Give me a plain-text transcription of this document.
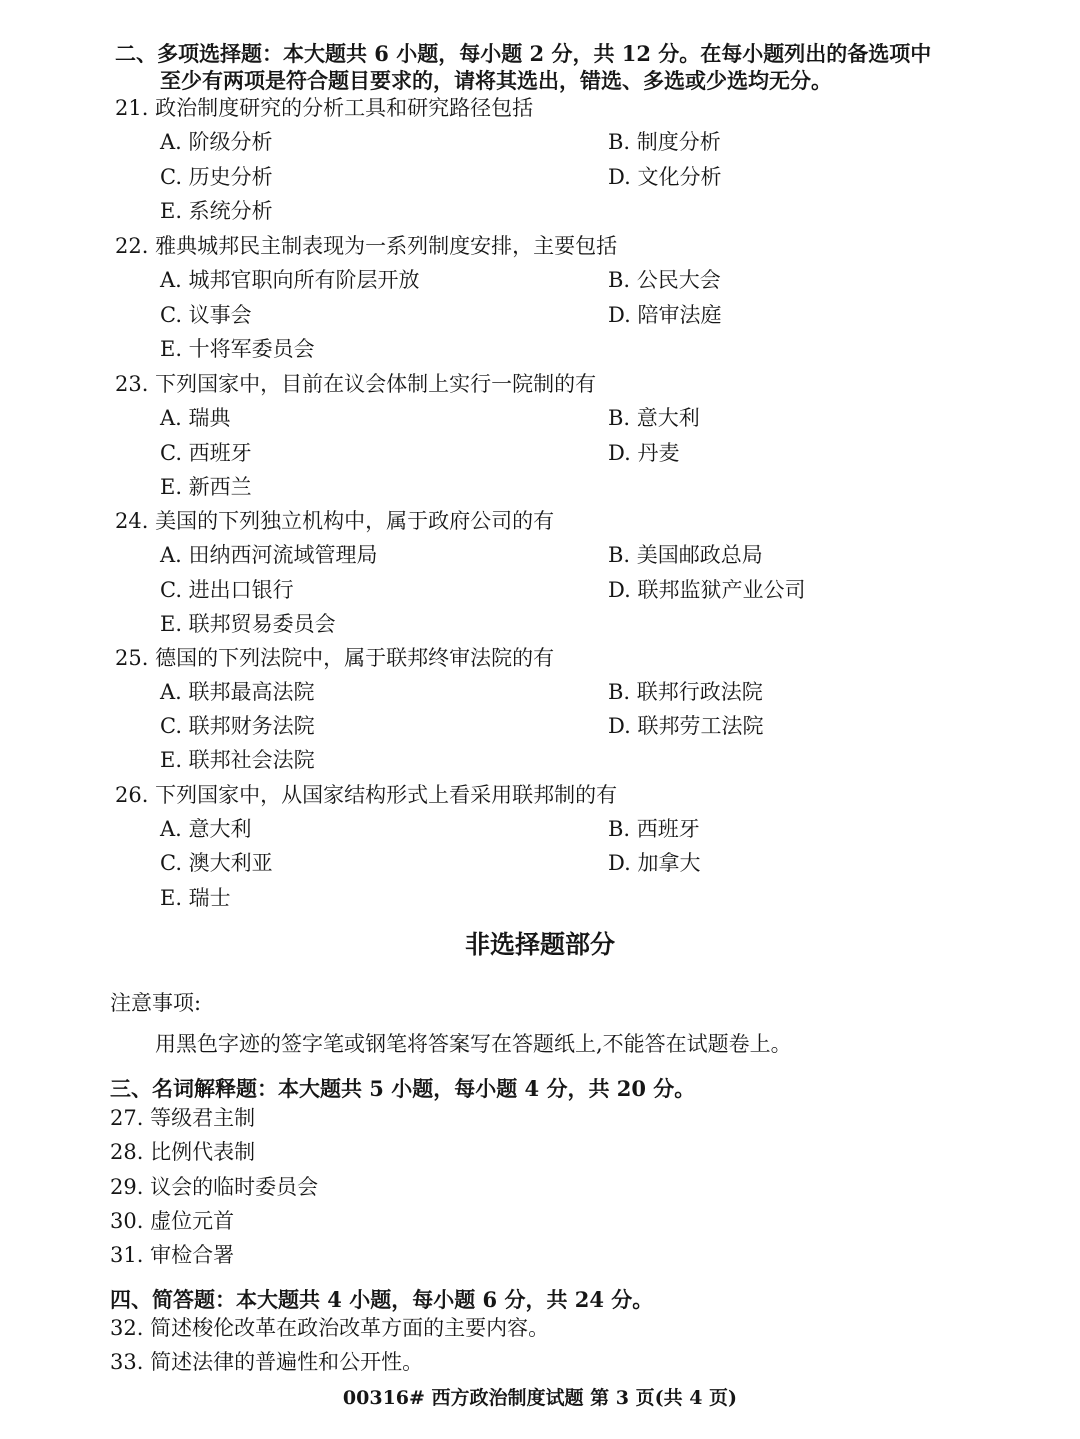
二、多项选择题：本大题共 6 小题，每小题 2 分，共 12 分。在每小题列出的备选项中
至少有两项是符合题目要求的，请将其选出，错选、多选或少选均无分。
21. 政治制度研究的分析工具和研究路径包括
A. 阶级分析	B. 制度分析
C. 历史分析	D. 文化分析
E. 系统分析
22. 雅典城邦民主制表现为一系列制度安排，主要包括
A. 城邦官职向所有阶层开放	B. 公民大会
C. 议事会	D. 陪审法庭
E. 十将军委员会
23. 下列国家中，目前在议会体制上实行一院制的有
A. 瑞典	B. 意大利
C. 西班牙	D. 丹麦
E. 新西兰
24. 美国的下列独立机构中，属于政府公司的有
A. 田纳西河流域管理局	B. 美国邮政总局
C. 进出口银行	D. 联邦监狱产业公司
E. 联邦贸易委员会
25. 德国的下列法院中，属于联邦终审法院的有
A. 联邦最高法院	B. 联邦行政法院
C. 联邦财务法院	D. 联邦劳工法院
E. 联邦社会法院
26. 下列国家中，从国家结构形式上看采用联邦制的有
A. 意大利	B. 西班牙
C. 澳大利亚	D. 加拿大
E. 瑞士
非选择题部分
注意事项:
用黑色字迹的签字笔或钢笔将答案写在答题纸上,不能答在试题卷上。
三、名词解释题：本大题共 5 小题，每小题 4 分，共 20 分。
27. 等级君主制
28. 比例代表制
29. 议会的临时委员会
30. 虚位元首
31. 审检合署
四、简答题：本大题共 4 小题，每小题 6 分，共 24 分。
32. 简述梭伦改革在政治改革方面的主要内容。
33. 简述法律的普遍性和公开性。
00316# 西方政治制度试题 第 3 页(共 4 页)
